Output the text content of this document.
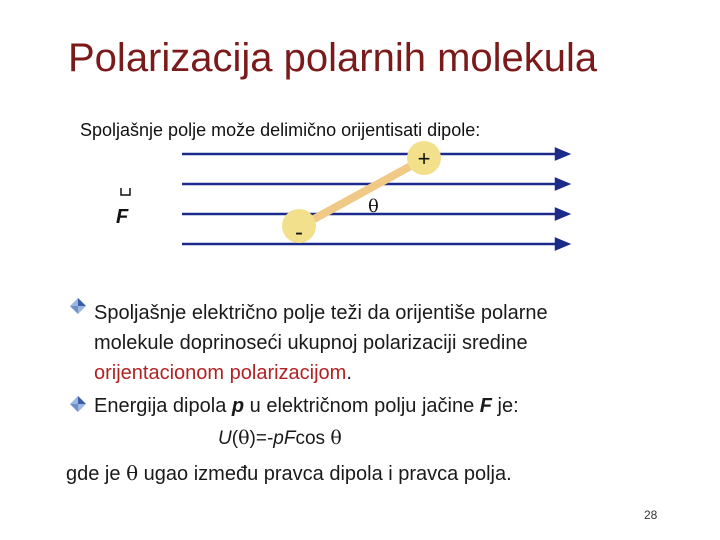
Polarizacija polarnih molekula
Spoljašnje polje može delimično orijentisati dipole:
+
-
θ
F
Spoljašnje električno polje teži da orijentiše polarne
molekule doprinoseći ukupnoj polarizaciji sredine
orijentacionom polarizacijom.
Energija dipola p u električnom polju jačine F je:
U(θ)=-pFcos θ
gde je θ ugao između pravca dipola i pravca polja.
28
